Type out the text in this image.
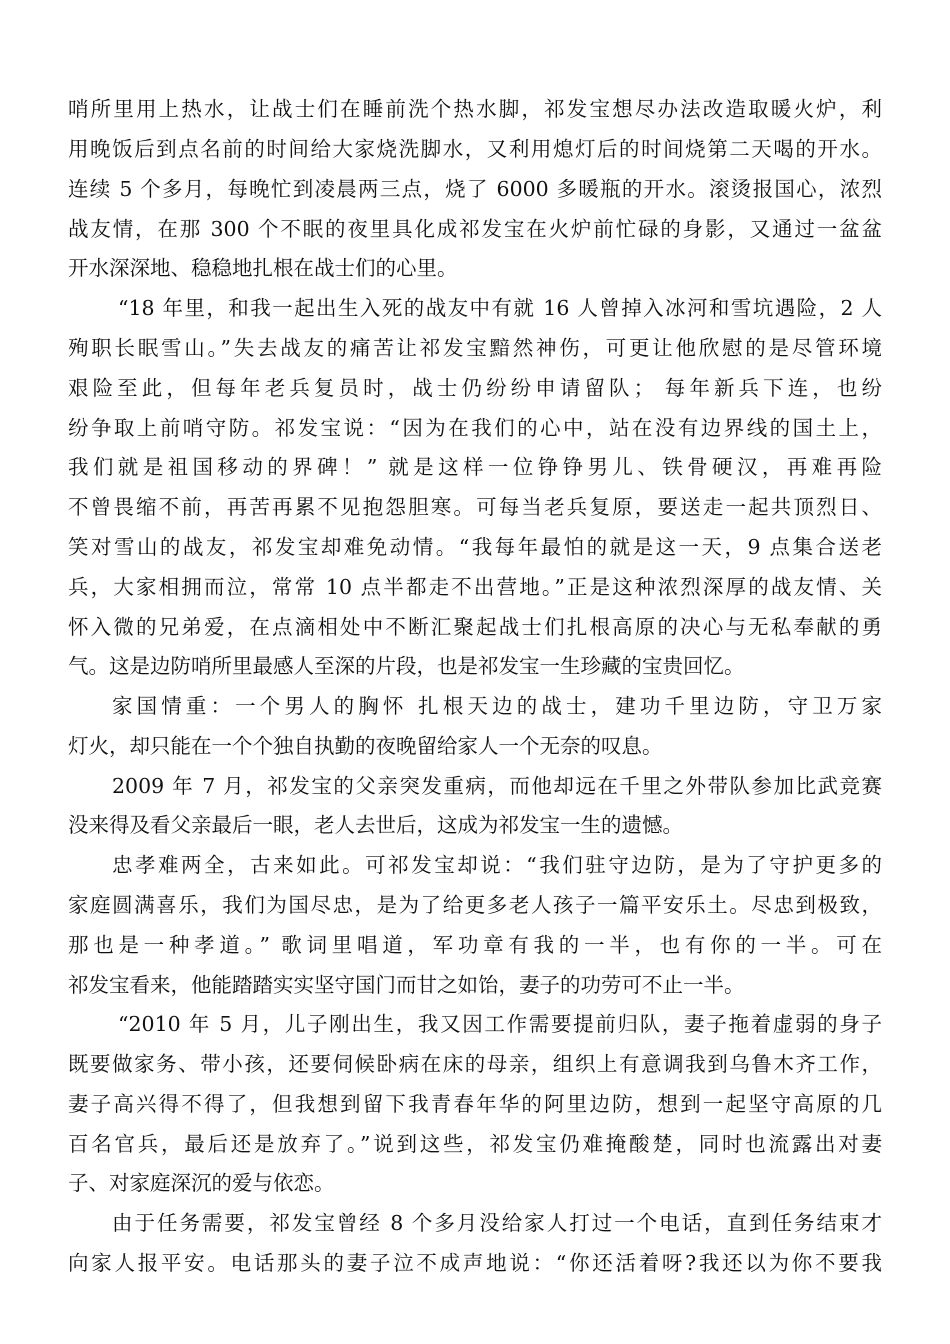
哨所里用上热水，让战士们在睡前洗个热水脚，祁发宝想尽办法改造取暖火炉，利
用晚饭后到点名前的时间给大家烧洗脚水，又利用熄灯后的时间烧第二天喝的开水。
连续 5 个多月，每晚忙到凌晨两三点，烧了 6000 多暖瓶的开水。滚烫报国心，浓烈
战友情，在那 300 个不眠的夜里具化成祁发宝在火炉前忙碌的身影，又通过一盆盆
开水深深地、稳稳地扎根在战士们的心里。
“18 年里，和我一起出生入死的战友中有就 16 人曾掉入冰河和雪坑遇险，2 人
殉职长眠雪山。”失去战友的痛苦让祁发宝黯然神伤，可更让他欣慰的是尽管环境
艰险至此，但每年老兵复员时，战士仍纷纷申请留队； 每年新兵下连，也纷
纷争取上前哨守防。祁发宝说：“因为在我们的心中，站在没有边界线的国土上，
我们就是祖国移动的界碑！” 就是这样一位铮铮男儿、铁骨硬汉，再难再险
不曾畏缩不前，再苦再累不见抱怨胆寒。可每当老兵复原，要送走一起共顶烈日、
笑对雪山的战友，祁发宝却难免动情。“我每年最怕的就是这一天，9 点集合送老
兵，大家相拥而泣，常常 10 点半都走不出营地。”正是这种浓烈深厚的战友情、关
怀入微的兄弟爱，在点滴相处中不断汇聚起战士们扎根高原的决心与无私奉献的勇
气。这是边防哨所里最感人至深的片段，也是祁发宝一生珍藏的宝贵回忆。
家国情重：一个男人的胸怀 扎根天边的战士，建功千里边防，守卫万家
灯火，却只能在一个个独自执勤的夜晚留给家人一个无奈的叹息。
2009 年 7 月，祁发宝的父亲突发重病，而他却远在千里之外带队参加比武竞赛
没来得及看父亲最后一眼，老人去世后，这成为祁发宝一生的遗憾。
忠孝难两全，古来如此。可祁发宝却说：“我们驻守边防，是为了守护更多的
家庭圆满喜乐，我们为国尽忠，是为了给更多老人孩子一篇平安乐土。尽忠到极致，
那也是一种孝道。” 歌词里唱道，军功章有我的一半，也有你的一半。可在
祁发宝看来，他能踏踏实实坚守国门而甘之如饴，妻子的功劳可不止一半。
“2010 年 5 月，儿子刚出生，我又因工作需要提前归队，妻子拖着虚弱的身子
既要做家务、带小孩，还要伺候卧病在床的母亲，组织上有意调我到乌鲁木齐工作，
妻子高兴得不得了，但我想到留下我青春年华的阿里边防，想到一起坚守高原的几
百名官兵，最后还是放弃了。”说到这些，祁发宝仍难掩酸楚，同时也流露出对妻
子、对家庭深沉的爱与依恋。
由于任务需要，祁发宝曾经 8 个多月没给家人打过一个电话，直到任务结束才
向家人报平安。电话那头的妻子泣不成声地说：“你还活着呀?我还以为你不要我
